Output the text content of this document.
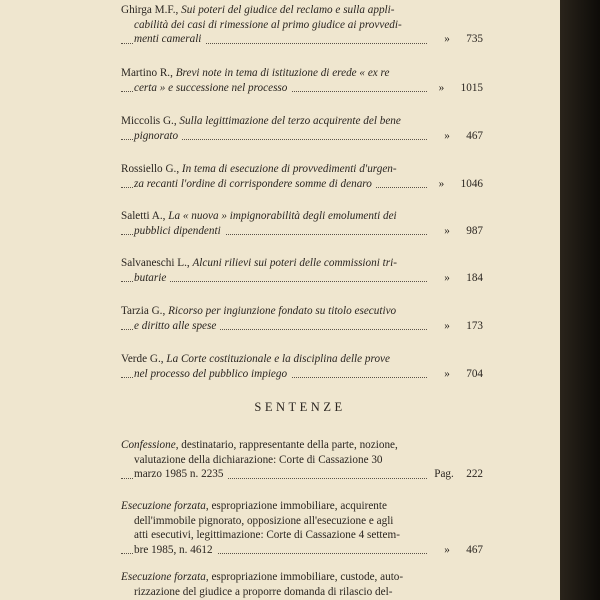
Ghirga M.F., Sui poteri del giudice del reclamo e sulla appli-
cabilità dei casi di rimessione al primo giudice ai provvedi-
menti camerali	» 735
Martino R., Brevi note in tema di istituzione di erede « ex re
certa » e successione nel processo	» 1015
Miccolis G., Sulla legittimazione del terzo acquirente del bene
pignorato	» 467
Rossiello G., In tema di esecuzione di provvedimenti d'urgen-
za recanti l'ordine di corrispondere somme di denaro	» 1046
Saletti A., La « nuova » impignorabilità degli emolumenti dei
pubblici dipendenti	» 987
Salvaneschi L., Alcuni rilievi sui poteri delle commissioni tri-
butarie	» 184
Tarzia G., Ricorso per ingiunzione fondato su titolo esecutivo
e diritto alle spese	» 173
Verde G., La Corte costituzionale e la disciplina delle prove
nel processo del pubblico impiego	» 704
SENTENZE
Confessione, destinatario, rappresentante della parte, nozione,
valutazione della dichiarazione: Corte di Cassazione 30
marzo 1985 n. 2235	Pag. 222
Esecuzione forzata, espropriazione immobiliare, acquirente
dell'immobile pignorato, opposizione all'esecuzione e agli
atti esecutivi, legittimazione: Corte di Cassazione 4 settem-
bre 1985, n. 4612	» 467
Esecuzione forzata, espropriazione immobiliare, custode, auto-
rizzazione del giudice a proporre domanda di rilascio del-
